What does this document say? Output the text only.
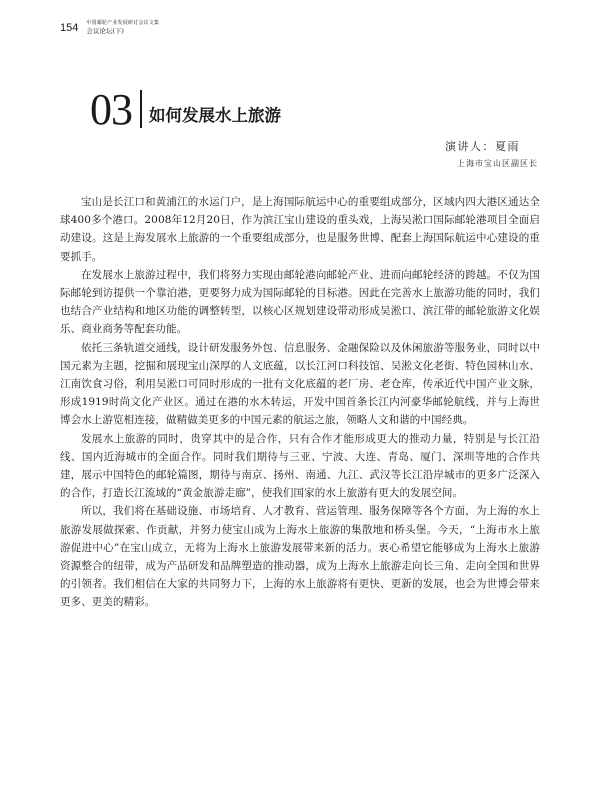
154 中国邮轮产业发展研讨会议文集
会议论坛(下)
03 如何发展水上旅游
演讲人：夏雨
上海市宝山区副区长

宝山是长江口和黄浦江的水运门户，是上海国际航运中心的重要组成部分，区域内四大港区通达全球400多个港口。2008年12月20日，作为滨江宝山建设的重头戏，上海吴淞口国际邮轮港项目全面启动建设。这是上海发展水上旅游的一个重要组成部分，也是服务世博、配套上海国际航运中心建设的重要抓手。

在发展水上旅游过程中，我们将努力实现由邮轮港向邮轮产业、进而向邮轮经济的跨越。不仅为国际邮轮到访提供一个靠泊港，更要努力成为国际邮轮的目标港。因此在完善水上旅游功能的同时，我们也结合产业结构和地区功能的调整转型，以核心区规划建设带动形成吴淞口、滨江带的邮轮旅游文化娱乐、商业商务等配套功能。

依托三条轨道交通线，设计研发服务外包、信息服务、金融保险以及休闲旅游等服务业，同时以中国元素为主题，挖掘和展现宝山深厚的人文底蕴，以长江河口科技馆、吴淞文化老街、特色园林山水、江南饮食习俗，利用吴淞口可同时形成的一批有文化底蕴的老厂房、老仓库，传承近代中国产业文脉，形成1919时尚文化产业区。通过在港的水木转运，开发中国首条长江内河豪华邮轮航线，并与上海世博会水上游览相连接，做精做美更多的中国元素的航运之旅，领略人文和谐的中国经典。

发展水上旅游的同时，贵穿其中的是合作，只有合作才能形成更大的推动力量，特别是与长江沿线、国内近海城市的全面合作。同时我们期待与三亚、宁波、大连、青岛、厦门、深圳等地的合作共建，展示中国特色的邮轮篇图，期待与南京、扬州、南通、九江、武汉等长江沿岸城市的更多广泛深入的合作，打造长江流域的“黄金旅游走廊”，使我们国家的水上旅游有更大的发展空间。

所以，我们将在基础设施、市场培育、人才教育、营运管理、服务保障等各个方面，为上海的水上旅游发展做探索、作贡献，并努力使宝山成为上海水上旅游的集散地和桥头堡。今天，“上海市水上旅游促进中心”在宝山成立，无将为上海水上旅游发展带来新的活力。衷心希望它能够成为上海水上旅游资源整合的纽带，成为产品研发和品牌塑造的推动器，成为上海水上旅游走向长三角、走向全国和世界的引领者。我们相信在大家的共同努力下，上海的水上旅游将有更快、更新的发展，也会为世博会带来更多、更美的精彩。
